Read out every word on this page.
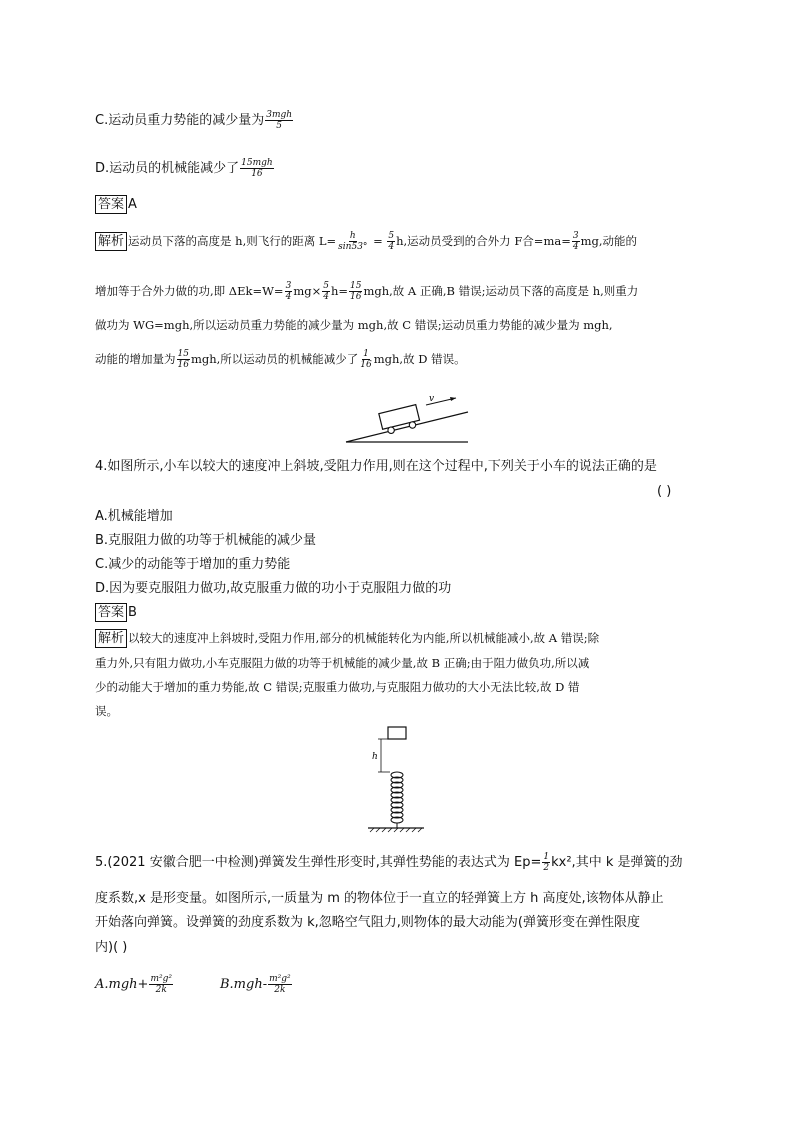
C.运动员重力势能的减少量为 $\frac{\text{3mgh}}{5}$
D.运动员的机械能减少了 $\frac{\text{15mgh}}{16}$
答案 A
解析 运动员下落的高度是 h,则飞行的距离 $L= \frac{h}{\sin 53^\circ} = \frac{5}{4} h$,运动员受到的合外力 F合$=ma= \frac{3}{4}$ mg,动能的
增加等于合外力做的功,即 $\Delta Ek=W= \frac{3}{4} mg\times \frac{5}{4} h= \frac{15}{16}$ mgh,故 A 正确,B 错误;运动员下落的高度是 h,则重力
做功为 WG=mgh,所以运动员重力势能的减少量为 mgh,故 C 错误;运动员重力势能的减少量为 mgh,
动能的增加量为 $\frac{15}{16}$ mgh,所以运动员的机械能减少了 $\frac{1}{16}$ mgh,故 D 错误。
v
4.如图所示,小车以较大的速度冲上斜坡,受阻力作用,则在这个过程中,下列关于小车的说法正确的是
( )
A.机械能增加
B.克服阻力做的功等于机械能的减少量
C.减少的动能等于增加的重力势能
D.因为要克服阻力做功,故克服重力做的功小于克服阻力做的功
答案 B
解析 以较大的速度冲上斜坡时,受阻力作用,部分的机械能转化为内能,所以机械能减小,故 A 错误;除
重力外,只有阻力做功,小车克服阻力做的功等于机械能的减少量,故 B 正确;由于阻力做负功,所以减
少的动能大于增加的重力势能,故 C 错误;克服重力做功,与克服阻力做功的大小无法比较,故 D 错
误。
h
5.(2021 安徽合肥一中检测)弹簧发生弹性形变时,其弹性势能的表达式为 $Ep= \frac{1}{2} kx^2$,其中 k 是弹簧的劲
度系数,x 是形变量。如图所示,一质量为 m 的物体位于一直立的轻弹簧上方 h 高度处,该物体从静止
开始落向弹簧。设弹簧的劲度系数为 k,忽略空气阻力,则物体的最大动能为(弹簧形变在弹性限度
内)( )
$A.mgh+ \frac{\text{m²g²}}{2k}$	$B.mgh- \frac{\text{m²g²}}{2k}$
